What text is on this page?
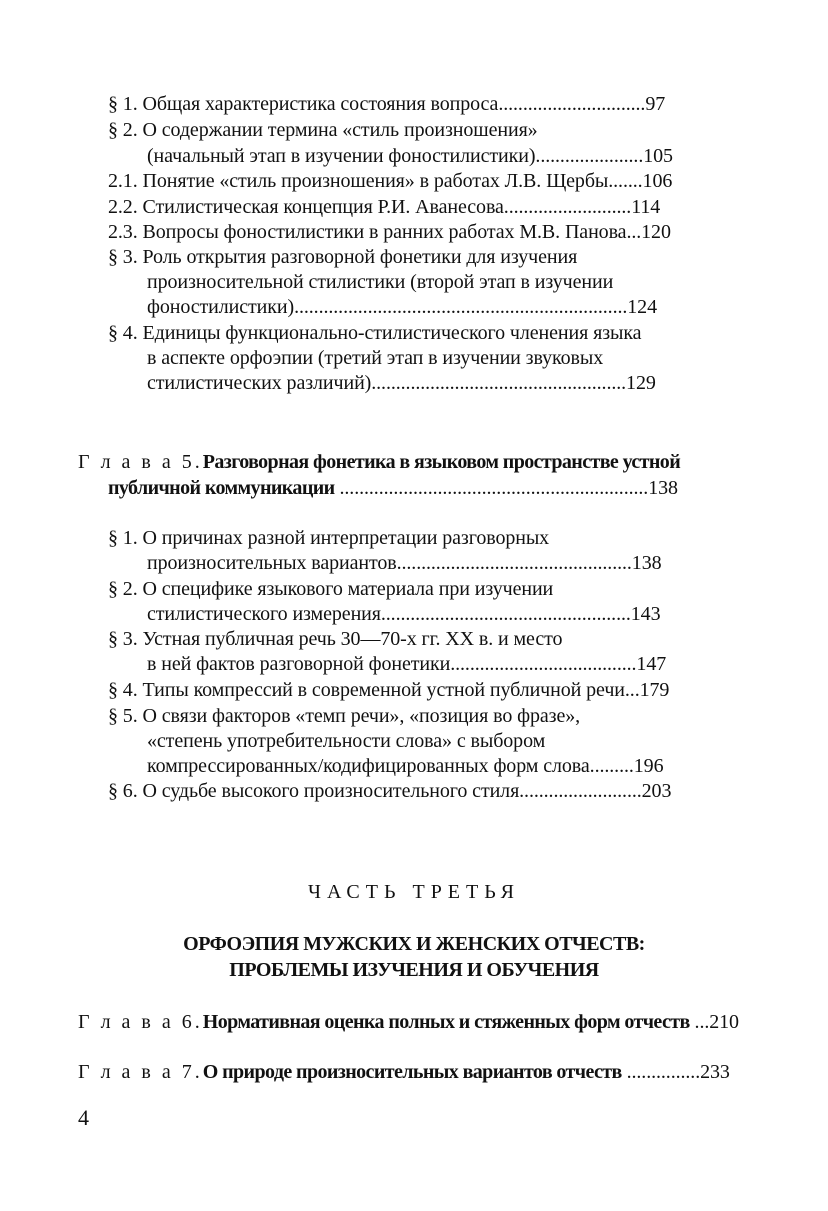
§ 1. Общая характеристика состояния вопроса..............................97
§ 2. О содержании термина «стиль произношения»
(начальный этап в изучении фоностилистики)......................105
2.1. Понятие «стиль произношения» в работах Л.В. Щербы.......106
2.2. Стилистическая концепция Р.И. Аванесова..........................114
2.3. Вопросы фоностилистики в ранних работах М.В. Панова...120
§ 3. Роль открытия разговорной фонетики для изучения
произносительной стилистики (второй этап в изучении
фоностилистики)....................................................................124
§ 4. Единицы функционально-стилистического членения языка
в аспекте орфоэпии (третий этап в изучении звуковых
стилистических различий)....................................................129
Г л а в а 5.Разговорная фонетика в языковом пространстве устной
публичной коммуникации ...............................................................138
§ 1. О причинах разной интерпретации разговорных
произносительных вариантов................................................138
§ 2. О специфике языкового материала при изучении
стилистического измерения...................................................143
§ 3. Устная публичная речь 30—70-х гг. XX в. и место
в ней фактов разговорной фонетики......................................147
§ 4. Типы компрессий в современной устной публичной речи...179
§ 5. О связи факторов «темп речи», «позиция во фразе»,
«степень употребительности слова» с выбором
компрессированных/кодифицированных форм слова.........196
§ 6. О судьбе высокого произносительного стиля.........................203
ЧАСТЬ ТРЕТЬЯ
ОРФОЭПИЯ МУЖСКИХ И ЖЕНСКИХ ОТЧЕСТВ:
ПРОБЛЕМЫ ИЗУЧЕНИЯ И ОБУЧЕНИЯ
Г л а в а 6.Нормативная оценка полных и стяженных форм отчеств ...210
Г л а в а 7.О природе произносительных вариантов отчеств ...............233
4
